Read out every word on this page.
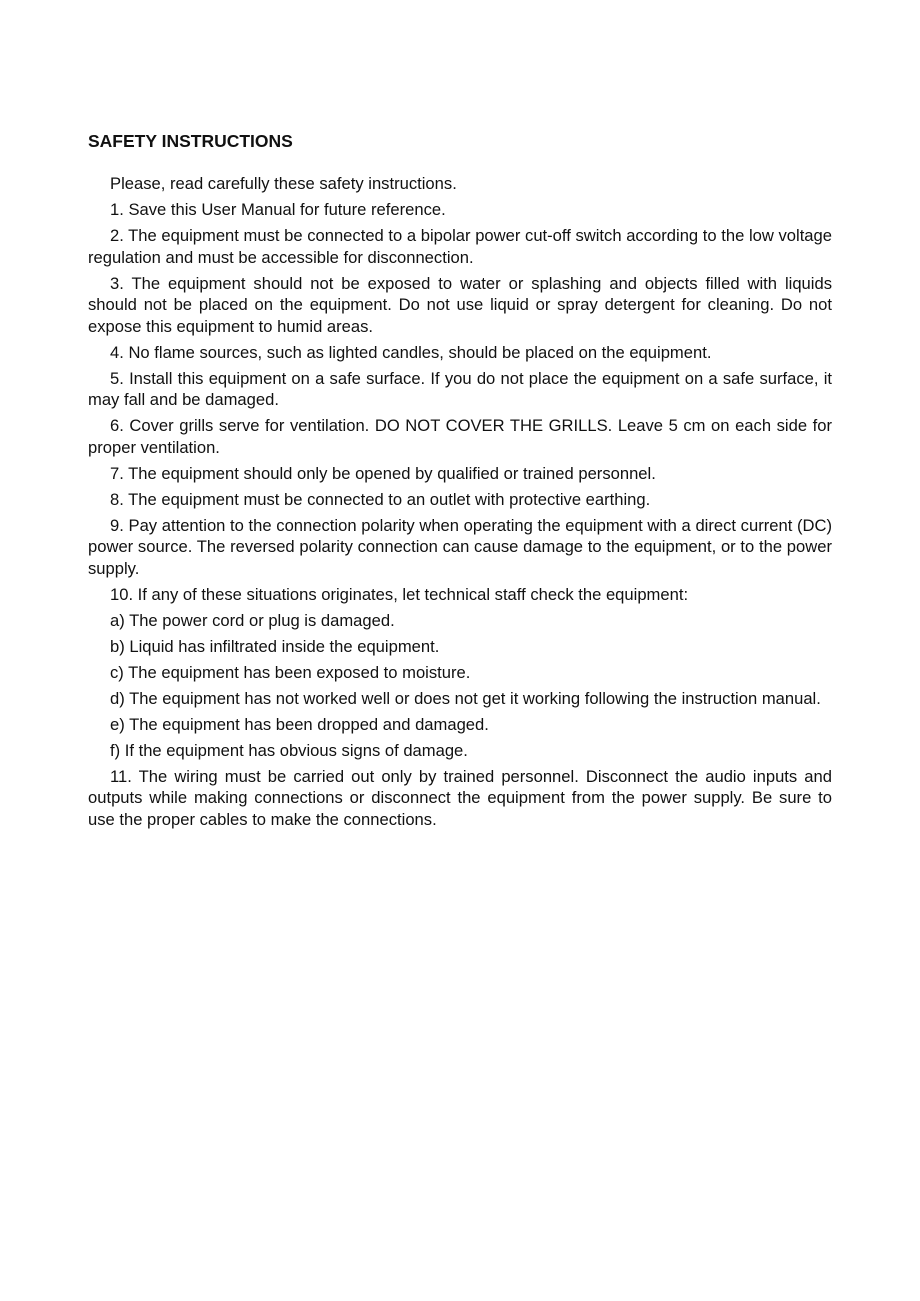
SAFETY INSTRUCTIONS

Please, read carefully these safety instructions.

1. Save this User Manual for future reference.

2. The equipment must be connected to a bipolar power cut-off switch according to the low voltage regulation and must be accessible for disconnection.

3. The equipment should not be exposed to water or splashing and objects filled with liquids should not be placed on the equipment. Do not use liquid or spray detergent for cleaning. Do not expose this equipment to humid areas.

4. No flame sources, such as lighted candles, should be placed on the equipment.

5. Install this equipment on a safe surface. If you do not place the equipment on a safe surface, it may fall and be damaged.

6. Cover grills serve for ventilation. DO NOT COVER THE GRILLS. Leave 5 cm on each side for proper ventilation.

7. The equipment should only be opened by qualified or trained personnel.

8. The equipment must be connected to an outlet with protective earthing.

9. Pay attention to the connection polarity when operating the equipment with a direct current (DC) power source. The reversed polarity connection can cause damage to the equipment, or to the power supply.

10. If any of these situations originates, let technical staff check the equipment:

a) The power cord or plug is damaged.

b) Liquid has infiltrated inside the equipment.

c) The equipment has been exposed to moisture.

d) The equipment has not worked well or does not get it working following the instruction manual.

e) The equipment has been dropped and damaged.

f) If the equipment has obvious signs of damage.

11. The wiring must be carried out only by trained personnel. Disconnect the audio inputs and outputs while making connections or disconnect the equipment from the power supply. Be sure to use the proper cables to make the connections.
